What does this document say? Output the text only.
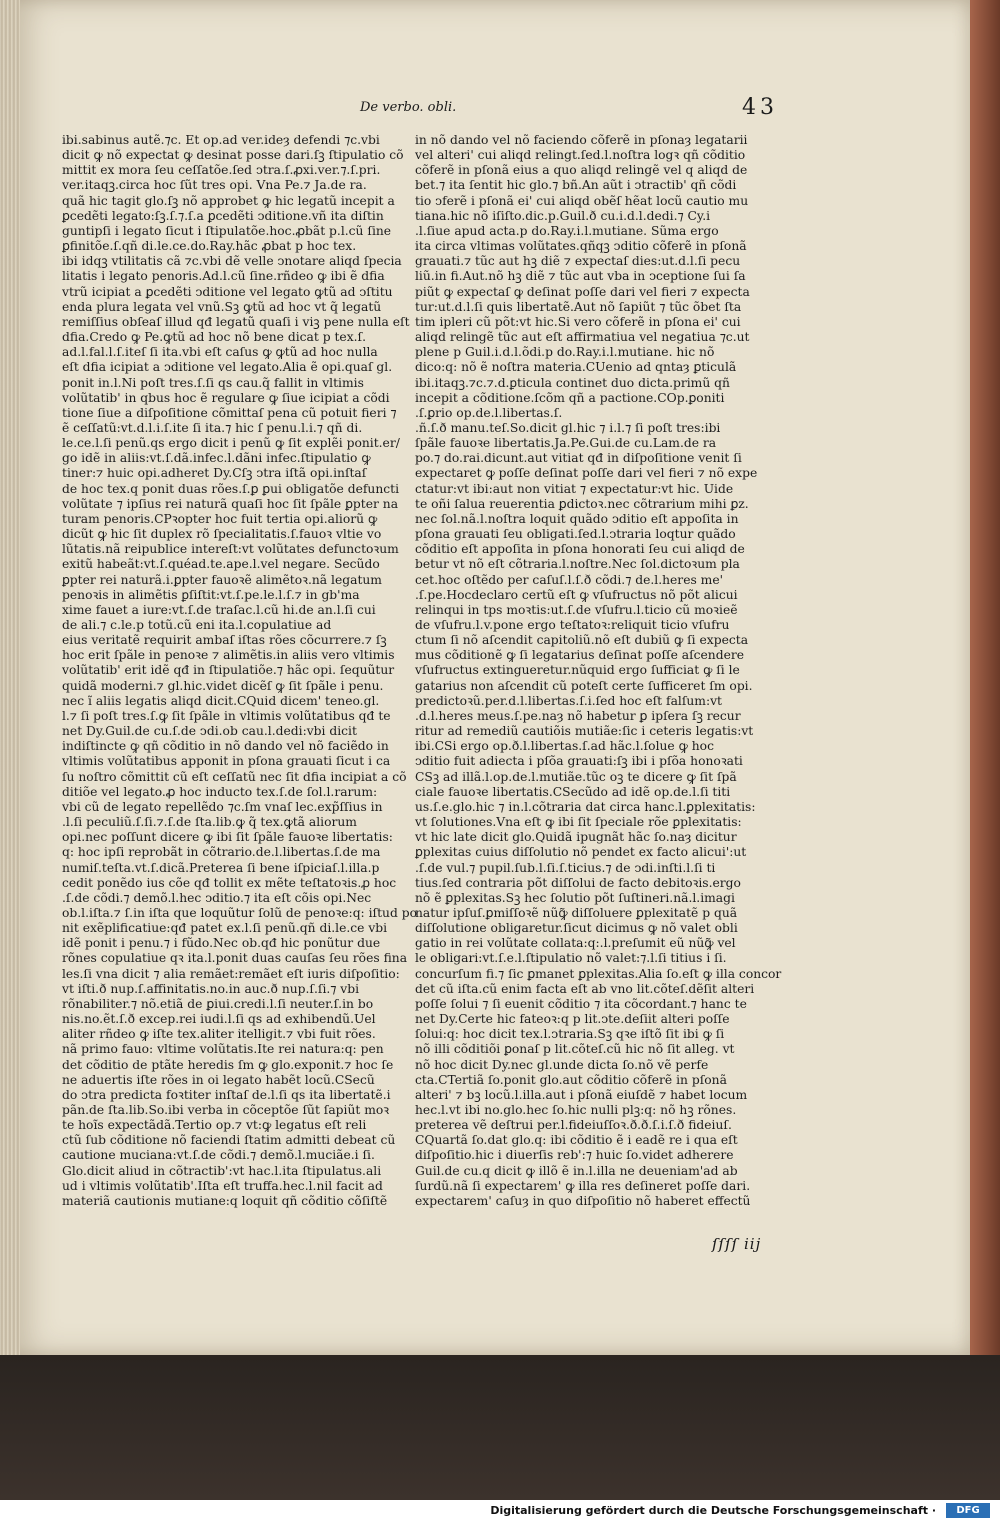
De verbo. obli.	43

ibi.sabinus autẽ.⁊c. Et op.ad ver.ideȝ defendi ⁊c.vbi

dicit ꝙ nõ expectat ꝙ desinat posse dari.ſꝫ ſtipulatio cõ

mittit ex mora ſeu ceſſatõe.ſed ↄtra.ſ.ꝓxi.ver.⁊.ſ.pri.

ver.itaqꝫ.circa hoc ſũt tres opi. Vna Pe.⁊ Ja.de ra.

quã hic tagit glo.ſꝫ nõ approbet ꝙ hic legatũ incepit a

ꝑcedẽti legato:ſꝫ.ſ.⁊.ſ.a ꝑcedẽti ↄditione.vñ ita diſtin

guntipſi i legato ſicut i ſtipulatõe.hoc.ꝓbãt p.l.cũ ſine

ꝑfinitõe.ſ.qñ di.le.ce.do.Ray.hãc ꝓbat p hoc tex.

ibi idqꝫ vtilitatis cã ⁊c.vbi dẽ velle ↄnotare aliqd ſpecia

litatis i legato penoris.Ad.l.cũ ſine.rñdeo ꝙ ibi ẽ dfia

vtrũ icipiat a ꝑcedẽti ↄditione vel legato ꝙtũ ad ↄſtitu

enda plura legata vel vnũ.Sꝫ ꝙtũ ad hoc vt q̃ legatũ

remiſſius obſeaſ illud qđ legatũ quaſi i viꝫ pene nulla eſt

dfia.Credo ꝙ Pe.ꝙtũ ad hoc nõ bene dicat p tex.ſ.

ad.l.fal.l.ſ.iteſ ſi ita.vbi eſt caſus ꝙ ꝙtũ ad hoc nulla

eſt dfia icipiat a ↄditione vel legato.Alia ẽ opi.quaſ gl.

ponit in.l.Ni poſt tres.ſ.ſi qs cau.q̃ fallit in vltimis

volũtatib' in qbus hoc ẽ regulare ꝙ ſiue icipiat a cõdi

tione ſiue a diſpoſitione cõmittaſ pena cũ potuit fieri ⁊

ẽ ceſſatũ:vt.d.l.i.ſ.ite ſi ita.⁊ hic ſ penu.l.i.⁊ qñ di.

le.ce.l.ſi penũ.qs ergo dicit i penũ ꝙ ſit explẽi ponit.er/

go idẽ in aliis:vt.ſ.dã.infec.l.dãni infec.ſtipulatio ꝙ

tiner:⁊ huic opi.adheret Dy.Cſꝫ ↄtra iſtã opi.inſtaſ

de hoc tex.q ponit duas rões.ſ.ꝑ ꝑui obligatõe defuncti

volũtate ⁊ ipſius rei naturã quaſi hoc ſit ſpãle ꝑpter na

turam penoris.CPꝛopter hoc fuit tertia opi.aliorũ ꝙ

dicũt ꝙ hic ſit duplex rõ ſpecialitatis.ſ.fauoꝛ vltie vo

lũtatis.nã reipublice intereſt:vt volũtates defunctoꝛum

exitũ habeãt:vt.ſ.quéad.te.ape.l.vel negare. Secũdo

ꝑpter rei naturã.i.ꝑpter fauoꝛẽ alimẽtoꝛ.nã legatum

penoꝛis in alimẽtis ꝑſiſtit:vt.ſ.pe.le.l.ſ.⁊ in gb'ma

xime fauet a iure:vt.ſ.de traſac.l.cũ hi.de an.l.ſi cui

de ali.⁊ c.le.p totũ.cũ eni ita.l.copulatiue ad

eius veritatẽ requirit ambaſ iſtas rões cõcurrere.⁊ ſꝫ

hoc erit ſpãle in penoꝛe ⁊ alimẽtis.in aliis vero vltimis

volũtatib' erit idẽ qđ in ſtipulatiõe.⁊ hãc opi. ſequũtur

quidã moderni.⁊ gl.hic.videt dicẽſ ꝙ ſit ſpãle i penu.

nec ĩ aliis legatis aliqd dicit.CQuid dicem' teneo.gl.

l.⁊ ſi poſt tres.ſ.ꝙ ſit ſpãle in vltimis volũtatibus qđ te

net Dy.Guil.de cu.ſ.de ↄdi.ob cau.l.dedi:vbi dicit

indiſtincte ꝙ qñ cõditio in nõ dando vel nõ faciẽdo in

vltimis volũtatibus apponit in pſona grauati ſicut i ca

ſu noſtro cõmittit cũ eſt ceſſatũ nec ſit dfia incipiat a cõ

ditiõe vel legato.ꝓ hoc inducto tex.ſ.de ſol.l.rarum:

vbi cũ de legato repellẽdo ⁊c.ſm vnaſ lec.exp̃ſſius in

.l.ſi peculiũ.ſ.ſi.⁊.ſ.de ſta.lib.ꝙ q̃ tex.ꝙtã aliorum

opi.nec poſſunt dicere ꝙ ibi ſit ſpãle fauoꝛe libertatis:

q: hoc ipſi reprobãt in cõtrario.de.l.libertas.ſ.de ma

numiſ.teſta.vt.ſ.dicã.Preterea ſi bene iſpiciaſ.l.illa.p

cedit ponẽdo ius cõe qđ tollit ex mẽte teſtatoꝛis.ꝓ hoc

.ſ.de cõdi.⁊ demõ.l.hec ↄditio.⁊ ita eſt cõis opi.Nec

ob.l.iſta.⁊ ſ.in iſta que loquũtur ſolũ de penoꝛe:q: iſtud po

nit exẽplificatiue:qđ patet ex.l.ſi penũ.qñ di.le.ce vbi

idẽ ponit i penu.⁊ i fũdo.Nec ob.qđ hic ponũtur due

rõnes copulatiue qꝛ ita.l.ponit duas cauſas ſeu rões fina

les.ſi vna dicit ⁊ alia remãet:remãet eſt iuris diſpoſitio:

vt iſti.ð nup.ſ.affinitatis.no.in auc.ð nup.ſ.ſi.⁊ vbi

rõnabiliter.⁊ nõ.etiã de ꝑiui.credi.l.ſi neuter.ſ.in bo

nis.no.ẽt.ſ.ð excep.rei iudi.l.ſi qs ad exhibendũ.Uel

aliter rñdeo ꝙ iſte tex.aliter itelligit.⁊ vbi fuit rões.

nã primo fauo: vltime volũtatis.Ite rei natura:q: pen

det cõditio de ptãte heredis ſm ꝙ glo.exponit.⁊ hoc ſe

ne aduertis iſte rões in oi legato habẽt locũ.CSecũ

do ↄtra predicta foꝛtiter inſtaſ de.l.ſi qs ita libertatẽ.i

pãn.de ſta.lib.So.ibi verba in cõceptõe ſũt ſapiũt moꝛ

te hoĩs expectãdã.Tertio op.⁊ vt:ꝙ legatus eſt reli

ctũ ſub cõditione nõ faciendi ſtatim admitti debeat cũ

cautione muciana:vt.ſ.de cõdi.⁊ demõ.l.muciãe.i ſi.

Glo.dicit aliud in cõtractib':vt hac.l.ita ſtipulatus.ali

ud i vltimis volũtatib'.Iſta eſt truffa.hec.l.nil facit ad

materiã cautionis mutiane:q loquit qñ cõditio cõſiſtẽ

in nõ dando vel nõ faciendo cõferẽ in pſonaȝ legatarii

vel alteri' cui aliqd relingt.ſed.l.noſtra logꝛ qñ cõditio

cõferẽ in pſonã eius a quo aliqd relingẽ vel q aliqd de

bet.⁊ ita ſentit hic glo.⁊ bñ.An aũt i ↄtractib' qñ cõdi

tio ↄferẽ i pſonã ei' cui aliqd obẽſ hẽat locũ cautio mu

tiana.hic nõ iſiſto.dic.p.Guil.ð cu.i.d.l.dedi.⁊ Cy.i

.l.ſiue apud acta.p do.Ray.i.l.mutiane. Sũma ergo

ita circa vltimas volũtates.qñqꝫ ↄditio cõferẽ in pſonã

grauati.⁊ tũc aut hꝫ diẽ ⁊ expectaſ dies:ut.d.l.ſi pecu

liũ.in fi.Aut.nõ hꝫ diẽ ⁊ tũc aut vba in ↄceptione ſui ſa

piũt ꝙ expectaſ ꝙ deſinat poſſe dari vel fieri ⁊ expecta

tur:ut.d.l.ſi quis libertatẽ.Aut nõ ſapiũt ⁊ tũc õbet ſta

tim ipleri cũ põt:vt hic.Si vero cõferẽ in pſona ei' cui

aliqd relingẽ tũc aut eſt affirmatiua vel negatiua ⁊c.ut

plene p Guil.i.d.l.õdi.p do.Ray.i.l.mutiane. hic nõ

dico:q: nõ ẽ noſtra materia.CUenio ad qntaȝ ꝑticulã

ibi.itaqꝫ.⁊c.⁊.d.ꝑticula continet duo dicta.primũ qñ

incepit a cõditione.ſcõm qñ a pactione.COp.ꝑoniti

.ſ.ꝑrio op.de.l.libertas.ſ.

.ñ.ſ.ð manu.teſ.So.dicit gl.hic ⁊ i.l.⁊ ſi poſt tres:ibi

ſpãle fauoꝛe libertatis.Ja.Pe.Gui.de cu.Lam.de ra

po.⁊ do.rai.dicunt.aut vitiat qđ in diſpoſitione venit ſi

expectaret ꝙ poſſe deſinat poſſe dari vel fieri ⁊ nõ expe

ctatur:vt ibi:aut non vitiat ⁊ expectatur:vt hic. Uide

te oñi ſalua reuerentia ꝑdictoꝛ.nec cõtrarium mihi ꝑz.

nec ſol.nã.l.noſtra loquit quãdo ↄditio eſt appoſita in

pſona grauati ſeu obligati.ſed.l.ↄtraria loqtur quãdo

cõditio eſt appoſita in pſona honorati ſeu cui aliqd de

betur vt nõ eſt cõtraria.l.noſtre.Nec ſol.dictoꝛum pla

cet.hoc oſtẽdo per caſuſ.l.ſ.ð cõdi.⁊ de.l.heres me'

.ſ.pe.Hocdeclaro certũ eſt ꝙ vſufructus nõ põt alicui

relinqui in tps moꝛtis:ut.ſ.de vſufru.l.ticio cũ moꝛieẽ

de vſufru.l.v.pone ergo teſtatoꝛ:reliquit ticio vſufru

ctum ſi nõ aſcendit capitoliũ.nõ eſt dubiũ ꝙ ſi expecta

mus cõditionẽ ꝙ ſi legatarius deſinat poſſe aſcendere

vſufructus extingueretur.nũquid ergo ſufficiat ꝙ ſi le

gatarius non aſcendit cũ poteſt certe ſufficeret ſm opi.

predictoꝛũ.per.d.l.libertas.ſ.i.ſed hoc eſt falſum:vt

.d.l.heres meus.ſ.pe.naȝ nõ habetur ꝑ ipſera ſꝫ recur

ritur ad remediũ cautiõis mutiãe:ſic i ceteris legatis:vt

ibi.CSi ergo op.ð.l.libertas.ſ.ad hãc.l.ſolue ꝙ hoc

ↄditio fuit adiecta i pſõa grauati:ſꝫ ibi i pſõa honoꝛati

CSꝫ ad illã.l.op.de.l.mutiãe.tũc oꝫ te dicere ꝙ ſit ſpã

ciale fauoꝛe libertatis.CSecũdo ad idẽ op.de.l.ſi titi

us.ſ.e.glo.hic ⁊ in.l.cõtraria dat circa hanc.l.ꝑplexitatis:

vt ſolutiones.Vna eſt ꝙ ibi ſit ſpeciale rõe ꝑplexitatis:

vt hic late dicit glo.Quidã ipugnãt hãc ſo.naȝ dicitur

ꝑplexitas cuius diſſolutio nõ pendet ex facto alicui':ut

.ſ.de vul.⁊ pupil.ſub.l.ſi.ſ.ticius.⁊ de ↄdi.inſti.l.ſi ti

tius.ſed contraria põt diſſolui de facto debitoꝛis.ergo

nõ ẽ ꝑplexitas.Sꝫ hec ſolutio põt ſuſtineri.nã.l.imagi

natur ipſuſ.ꝑmiſſoꝛẽ nũꝙ̃ diſſoluere ꝑplexitatẽ p quã

diſſolutione obligaretur.ſicut dicimus ꝙ nõ valet obli

gatio in rei volũtate collata:q:.l.preſumit eũ nũꝙ̃ vel

le obligari:vt.ſ.e.l.ſtipulatio nõ valet:⁊.l.ſi titius i ſi.

concurſum fi.⁊ ſic ꝑmanet ꝑplexitas.Alia ſo.eſt ꝙ illa concor

det cũ iſta.cũ enim facta eſt ab vno lit.cõteſ.dẽſit alteri

poſſe ſolui ⁊ ſi euenit cõditio ⁊ ita cõcordant.⁊ hanc te

net Dy.Certe hic fateoꝛ:q p lit.ↄte.deſiit alteri poſſe

ſolui:q: hoc dicit tex.l.ↄtraria.Sꝫ qꝛe iſtõ ſit ibi ꝙ ſi

nõ illi cõditiõi ꝑonaſ p lit.cõteſ.cũ hic nõ ſit alleg. vt

nõ hoc dicit Dy.nec gl.unde dicta ſo.nõ vẽ perfe

cta.CTertiã ſo.ponit glo.aut cõditio cõferẽ in pſonã

alteri' ⁊ bꝫ locũ.l.illa.aut i pſonã eiuſdẽ ⁊ habet locum

hec.l.vt ibi no.glo.hec ſo.hic nulli plꝫ:q: nõ hꝫ rõnes.

preterea vẽ deſtrui per.l.fideiuſſoꝛ.ð.ð.ſ.i.ſ.ð fideiuſ.

CQuartã ſo.dat glo.q: ibi cõditio ẽ i eadẽ re i qua eſt

diſpoſitio.hic i diuerſis reb':⁊ huic ſo.videt adherere

Guil.de cu.q dicit ꝙ illõ ẽ in.l.illa ne deueniam'ad ab

ſurdũ.nã ſi expectarem' ꝙ illa res deſineret poſſe dari.

expectarem' caſuȝ in quo diſpoſitio nõ haberet effectũ

ſſſſ iij
Digitalisierung gefördert durch die Deutsche Forschungsgemeinschaft ·	DFG
